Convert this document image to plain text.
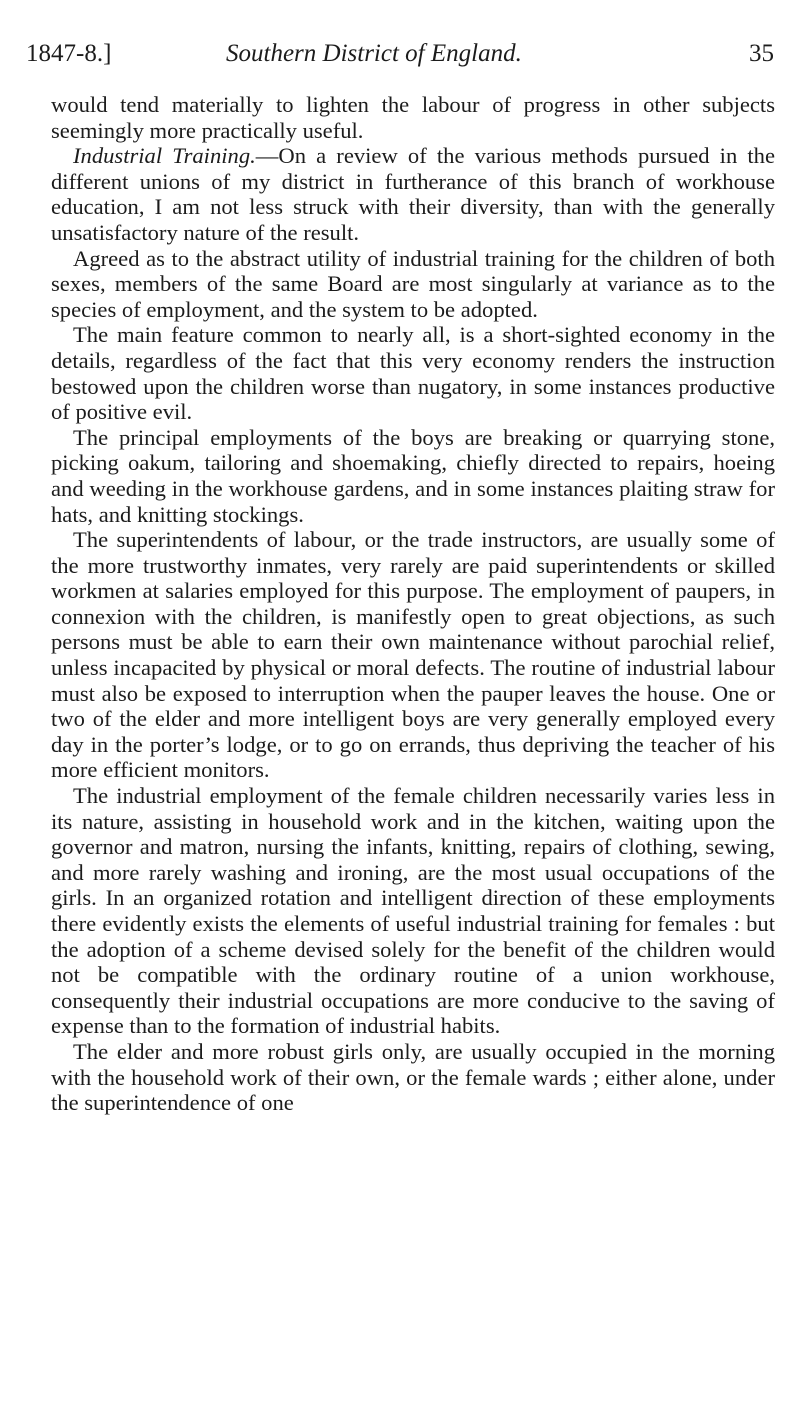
1847-8.]	Southern District of England.	35

would tend materially to lighten the labour of progress in other subjects seemingly more practically useful.

Industrial Training.—On a review of the various methods pursued in the different unions of my district in furtherance of this branch of workhouse education, I am not less struck with their diversity, than with the generally unsatisfactory nature of the result.

Agreed as to the abstract utility of industrial training for the children of both sexes, members of the same Board are most singularly at variance as to the species of employment, and the system to be adopted.

The main feature common to nearly all, is a short-sighted economy in the details, regardless of the fact that this very economy renders the instruction bestowed upon the children worse than nugatory, in some instances productive of positive evil.

The principal employments of the boys are breaking or quarrying stone, picking oakum, tailoring and shoemaking, chiefly directed to repairs, hoeing and weeding in the workhouse gardens, and in some instances plaiting straw for hats, and knitting stockings.

The superintendents of labour, or the trade instructors, are usually some of the more trustworthy inmates, very rarely are paid superintendents or skilled workmen at salaries employed for this purpose. The employment of paupers, in connexion with the children, is manifestly open to great objections, as such persons must be able to earn their own maintenance without parochial relief, unless incapacited by physical or moral defects. The routine of industrial labour must also be exposed to interruption when the pauper leaves the house. One or two of the elder and more intelligent boys are very generally employed every day in the porter’s lodge, or to go on errands, thus depriving the teacher of his more efficient monitors.

The industrial employment of the female children necessarily varies less in its nature, assisting in household work and in the kitchen, waiting upon the governor and matron, nursing the infants, knitting, repairs of clothing, sewing, and more rarely washing and ironing, are the most usual occupations of the girls. In an organized rotation and intelligent direction of these employments there evidently exists the elements of useful industrial training for females : but the adoption of a scheme devised solely for the benefit of the children would not be compatible with the ordinary routine of a union workhouse, consequently their industrial occupations are more conducive to the saving of expense than to the formation of industrial habits.

The elder and more robust girls only, are usually occupied in the morning with the household work of their own, or the female wards ; either alone, under the superintendence of one
